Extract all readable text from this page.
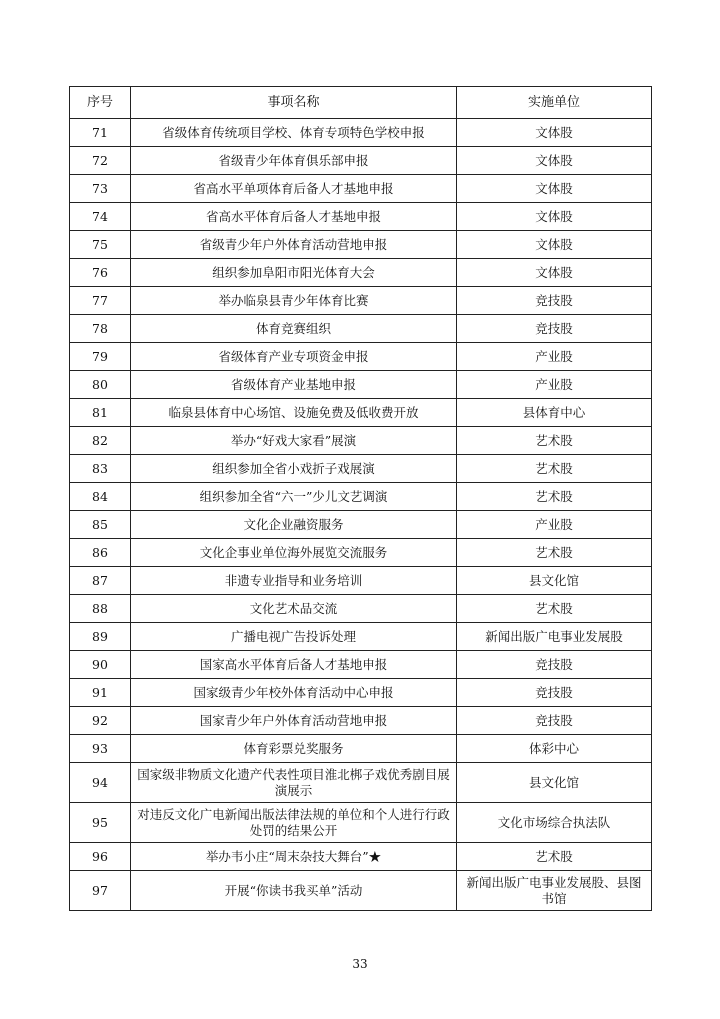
序号	事项名称	实施单位
71	省级体育传统项目学校、体育专项特色学校申报	文体股
72	省级青少年体育俱乐部申报	文体股
73	省高水平单项体育后备人才基地申报	文体股
74	省高水平体育后备人才基地申报	文体股
75	省级青少年户外体育活动营地申报	文体股
76	组织参加阜阳市阳光体育大会	文体股
77	举办临泉县青少年体育比赛	竞技股
78	体育竞赛组织	竞技股
79	省级体育产业专项资金申报	产业股
80	省级体育产业基地申报	产业股
81	临泉县体育中心场馆、设施免费及低收费开放	县体育中心
82	举办“好戏大家看”展演	艺术股
83	组织参加全省小戏折子戏展演	艺术股
84	组织参加全省“六一”少儿文艺调演	艺术股
85	文化企业融资服务	产业股
86	文化企事业单位海外展览交流服务	艺术股
87	非遗专业指导和业务培训	县文化馆
88	文化艺术品交流	艺术股
89	广播电视广告投诉处理	新闻出版广电事业发展股
90	国家高水平体育后备人才基地申报	竞技股
91	国家级青少年校外体育活动中心申报	竞技股
92	国家青少年户外体育活动营地申报	竞技股
93	体育彩票兑奖服务	体彩中心
94	国家级非物质文化遗产代表性项目淮北梆子戏优秀剧目展演展示	县文化馆
95	对违反文化广电新闻出版法律法规的单位和个人进行行政处罚的结果公开	文化市场综合执法队
96	举办韦小庄“周末杂技大舞台”★	艺术股
97	开展“你读书我买单”活动	新闻出版广电事业发展股、县图书馆
33
